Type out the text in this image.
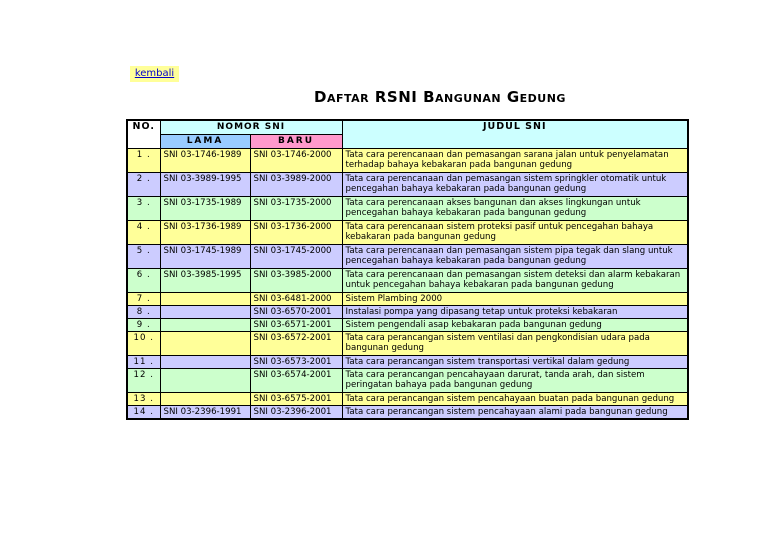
kembali
Daftar RSNI Bangunan Gedung
NO.	NOMOR SNI		JUDUL SNI
	LAMA	BARU	
1 .	SNI 03-1746-1989	SNI 03-1746-2000	Tata cara perencanaan dan pemasangan sarana jalan untuk penyelamatan terhadap bahaya kebakaran pada bangunan gedung
2 .	SNI 03-3989-1995	SNI 03-3989-2000	Tata cara perencanaan dan pemasangan sistem springkler otomatik untuk pencegahan bahaya kebakaran pada bangunan gedung
3 .	SNI 03-1735-1989	SNI 03-1735-2000	Tata cara perencanaan akses bangunan dan akses lingkungan untuk pencegahan bahaya kebakaran pada bangunan gedung
4 .	SNI 03-1736-1989	SNI 03-1736-2000	Tata cara perencanaan sistem proteksi pasif untuk pencegahan bahaya kebakaran pada bangunan gedung
5 .	SNI 03-1745-1989	SNI 03-1745-2000	Tata cara perencanaan dan pemasangan sistem pipa tegak dan slang untuk pencegahan bahaya kebakaran pada bangunan gedung
6 .	SNI 03-3985-1995	SNI 03-3985-2000	Tata cara perencanaan dan pemasangan sistem deteksi dan alarm kebakaran untuk pencegahan bahaya kebakaran pada bangunan gedung
7 .		SNI 03-6481-2000	Sistem Plambing 2000
8 .		SNI 03-6570-2001	Instalasi pompa yang dipasang tetap untuk proteksi kebakaran
9 .		SNI 03-6571-2001	Sistem pengendali asap kebakaran pada bangunan gedung
10 .		SNI 03-6572-2001	Tata cara perancangan sistem ventilasi dan pengkondisian udara pada bangunan gedung
11 .		SNI 03-6573-2001	Tata cara perancangan sistem transportasi vertikal dalam gedung
12 .		SNI 03-6574-2001	Tata cara perancangan pencahayaan darurat, tanda arah, dan sistem peringatan bahaya pada bangunan gedung
13 .		SNI 03-6575-2001	Tata cara perancangan sistem pencahayaan buatan pada bangunan gedung
14 .	SNI 03-2396-1991	SNI 03-2396-2001	Tata cara perancangan sistem pencahayaan alami pada bangunan gedung
